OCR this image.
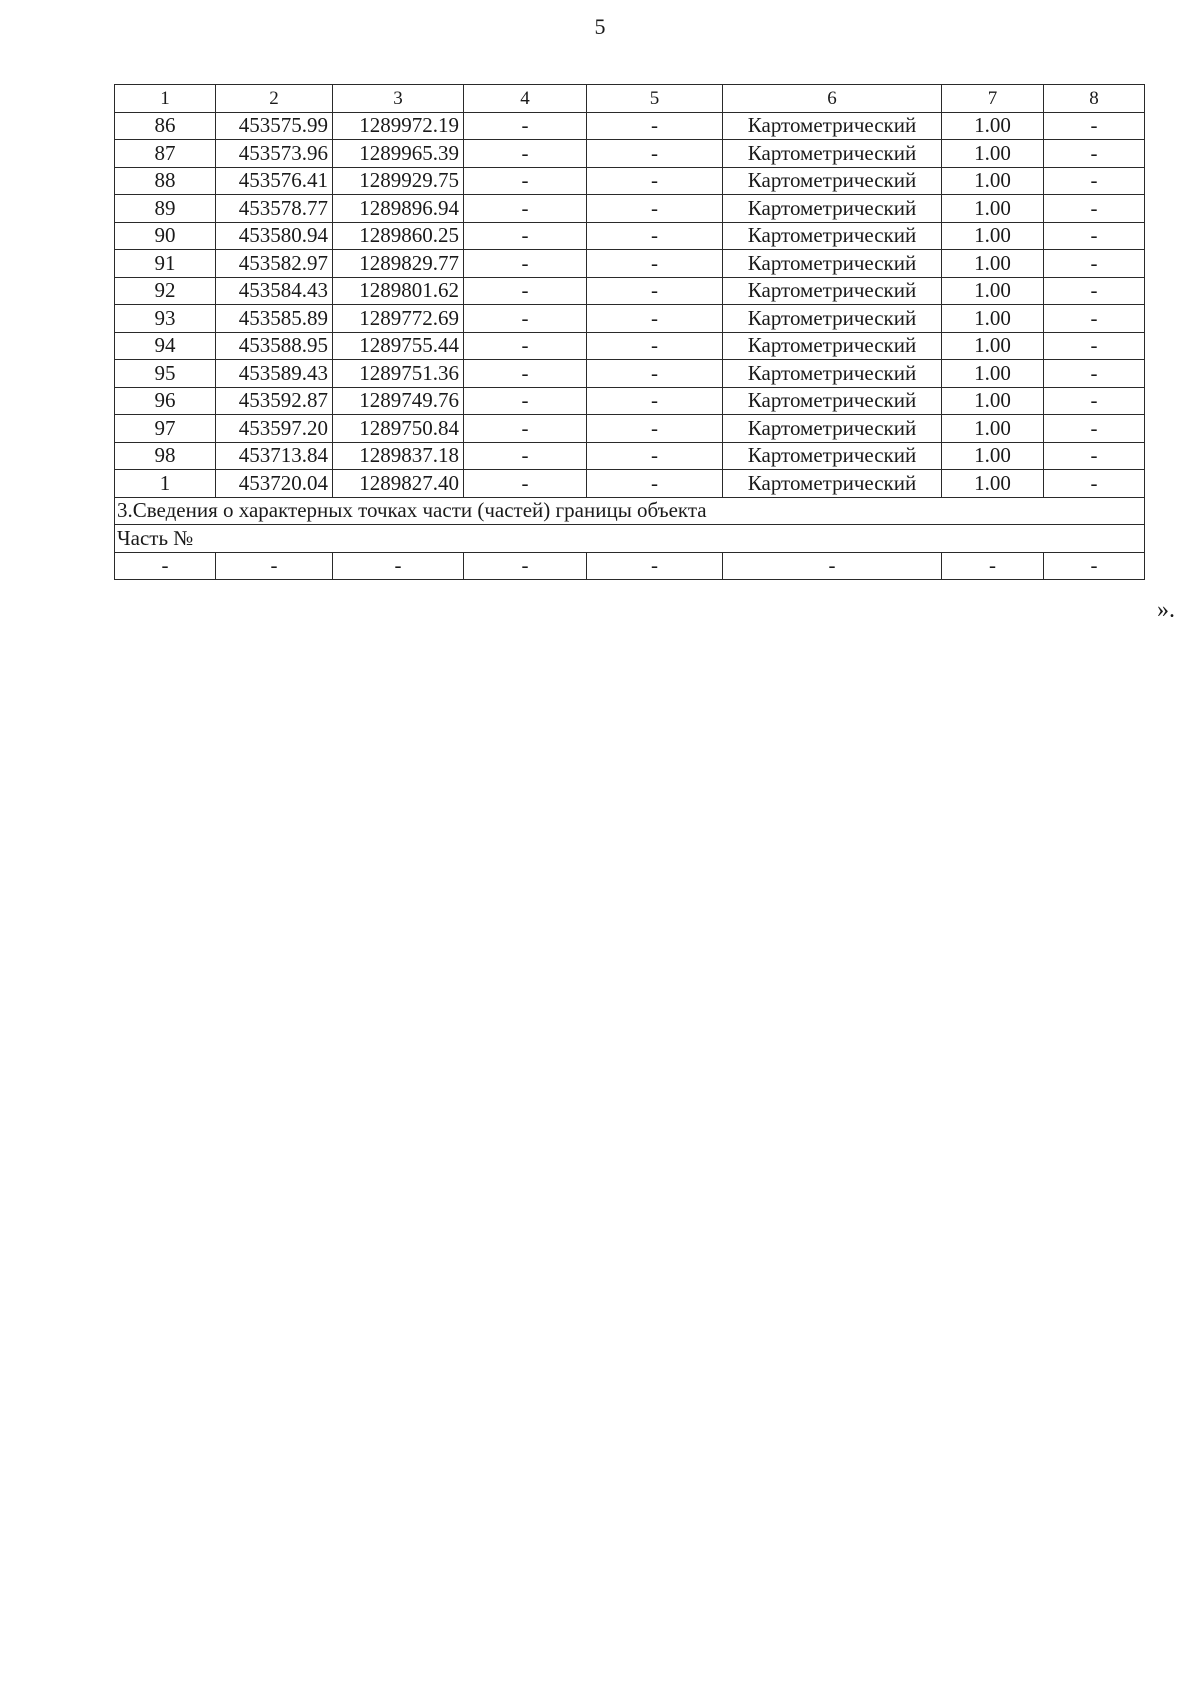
5
1	2	3	4	5	6	7	8
86	453575.99	1289972.19	-	-	Картометрический	1.00	-
87	453573.96	1289965.39	-	-	Картометрический	1.00	-
88	453576.41	1289929.75	-	-	Картометрический	1.00	-
89	453578.77	1289896.94	-	-	Картометрический	1.00	-
90	453580.94	1289860.25	-	-	Картометрический	1.00	-
91	453582.97	1289829.77	-	-	Картометрический	1.00	-
92	453584.43	1289801.62	-	-	Картометрический	1.00	-
93	453585.89	1289772.69	-	-	Картометрический	1.00	-
94	453588.95	1289755.44	-	-	Картометрический	1.00	-
95	453589.43	1289751.36	-	-	Картометрический	1.00	-
96	453592.87	1289749.76	-	-	Картометрический	1.00	-
97	453597.20	1289750.84	-	-	Картометрический	1.00	-
98	453713.84	1289837.18	-	-	Картометрический	1.00	-
1	453720.04	1289827.40	-	-	Картометрический	1.00	-
3.Сведения о характерных точках части (частей) границы объекта							
Часть №							
-	-	-	-	-	-	-	-
».
